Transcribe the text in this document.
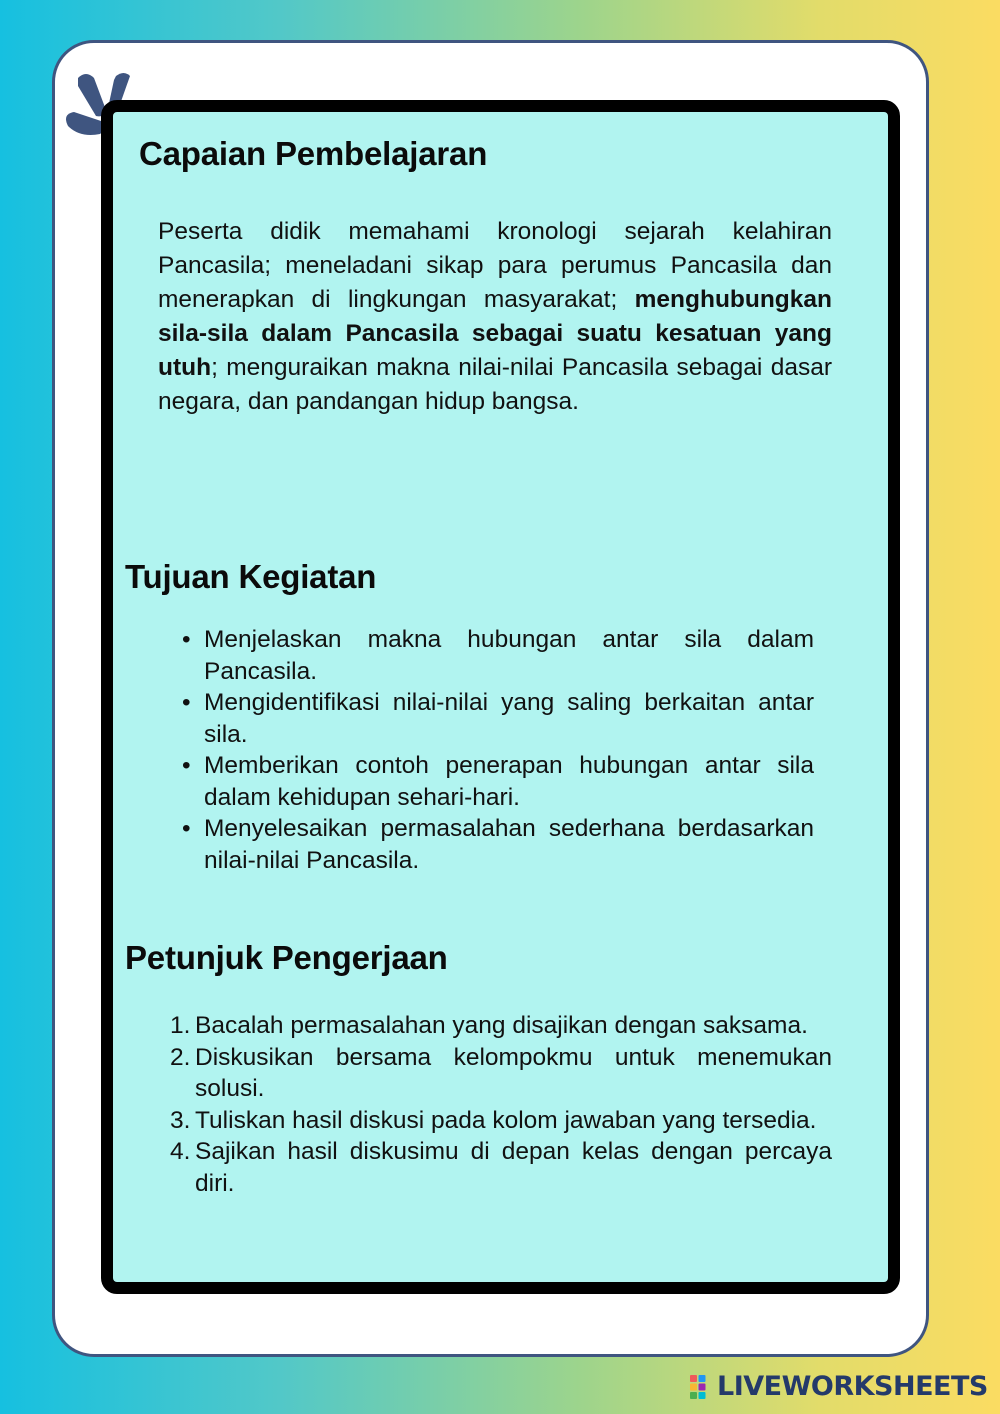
Capaian Pembelajaran

Peserta didik memahami kronologi sejarah kelahiran Pancasila; meneladani sikap para perumus Pancasila dan menerapkan di lingkungan masyarakat; menghubungkan sila-sila dalam Pancasila sebagai suatu kesatuan yang utuh; menguraikan makna nilai-nilai Pancasila sebagai dasar negara, dan pandangan hidup bangsa.

Tujuan Kegiatan
• Menjelaskan makna hubungan antar sila dalam Pancasila.
• Mengidentifikasi nilai-nilai yang saling berkaitan antar sila.
• Memberikan contoh penerapan hubungan antar sila dalam kehidupan sehari-hari.
• Menyelesaikan permasalahan sederhana berdasarkan nilai-nilai Pancasila.
Petunjuk Pengerjaan
1. Bacalah permasalahan yang disajikan dengan saksama.
2. Diskusikan bersama kelompokmu untuk menemukan solusi.
3. Tuliskan hasil diskusi pada kolom jawaban yang tersedia.
4. Sajikan hasil diskusimu di depan kelas dengan percaya diri.
LIVEWORKSHEETS
